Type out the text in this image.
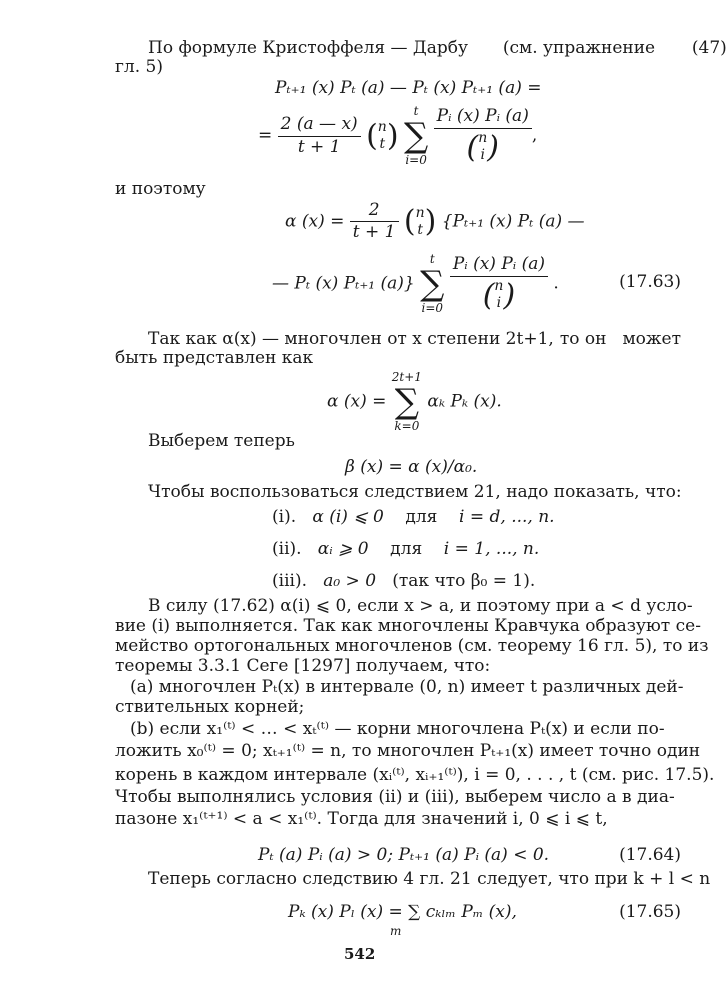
По формуле Кристоффеля — Дарбу (см. упражнение (47)
гл. 5)
Pₜ₊₁ (x) Pₜ (a) — Pₜ (x) Pₜ₊₁ (a) =
= $\frac{2 (a — x)}{t + 1}$ ( n
t )
t
∑
i=0
Pᵢ (x) Pᵢ (a)
( n
i ) ,
и поэтому
α $(x) = \frac{2}{t + 1}$ ( n
t ) {Pₜ₊₁ (x) Pₜ (a) —
— Pₜ (x) Pₜ₊₁ (a)}
t
∑
i=0
Pᵢ (x) Pᵢ (a)
( n
i ) .	(17.63)
Так как α(x) — многочлен от x степени 2t+1, то он может
быть представлен как
α (x) =
2t+1
∑
k=0
αₖ Pₖ (x).
Выберем теперь
β (x) = α (x)/α₀.
Чтобы воспользоваться следствием 21, надо показать, что:
(i). α (i) ⩽ 0 для i = d, ..., n.
(ii). αᵢ ⩾ 0 для i = 1, ..., n.
(iii). a₀ > 0 (так что β₀ = 1).
В силу (17.62) α(i) ⩽ 0, если x > a, и поэтому при a < d усло-
вие (i) выполняется. Так как многочлены Кравчука образуют се-
мейство ортогональных многочленов (см. теорему 16 гл. 5), то из
теоремы 3.3.1 Сеге [1297] получаем, что:
(a) многочлен Pₜ(x) в интервале (0, n) имеет t различных дей-
ствительных корней;
(b) если x₁⁽ᵗ⁾ < … < xₜ⁽ᵗ⁾ — корни многочлена Pₜ(x) и если по-
ложить x₀⁽ᵗ⁾ = 0; xₜ₊₁⁽ᵗ⁾ = n, то многочлен Pₜ₊₁(x) имеет точно один
корень в каждом интервале (xᵢ⁽ᵗ⁾, xᵢ₊₁⁽ᵗ⁾), i = 0, . . . , t (см. рис. 17.5).
Чтобы выполнялись условия (ii) и (iii), выберем число a в диа-
пазоне x₁⁽ᵗ⁺¹⁾ < a < x₁⁽ᵗ⁾. Тогда для значений i, 0 ⩽ i ⩽ t,
Pₜ (a) Pᵢ (a) > 0; Pₜ₊₁ (a) Pᵢ (a) < 0.	(17.64)
Теперь согласно следствию 4 гл. 21 следует, что при k + l < n
Pₖ (x) Pₗ (x) = ∑ cₖₗₘ Pₘ (x),
m
(17.65)
542
